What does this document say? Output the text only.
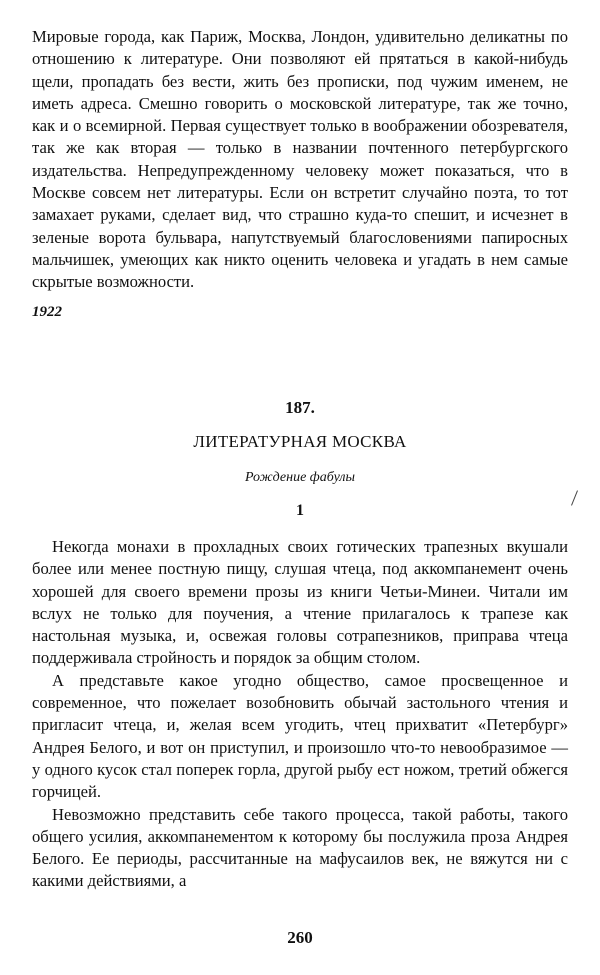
Мировые города, как Париж, Москва, Лондон, удивительно деликатны по отношению к литературе. Они позволяют ей прятаться в какой-нибудь щели, пропадать без вести, жить без прописки, под чужим именем, не иметь адреса. Смешно говорить о московской литературе, так же точно, как и о всемирной. Первая существует только в воображении обозревателя, так же как вторая — только в названии почтенного петербургского издательства. Непредупрежденному человеку может показаться, что в Москве совсем нет литературы. Если он встретит случайно поэта, то тот замахает руками, сделает вид, что страшно куда-то спешит, и исчезнет в зеленые ворота бульвара, напутствуемый благословениями папиросных мальчишек, умеющих как никто оценить человека и угадать в нем самые скрытые возможности.

1922

187.
ЛИТЕРАТУРНАЯ МОСКВА
Рождение фабулы
1

Некогда монахи в прохладных своих готических трапезных вкушали более или менее постную пищу, слушая чтеца, под аккомпанемент очень хорошей для своего времени прозы из книги Четьи-Минеи. Читали им вслух не только для поучения, а чтение прилагалось к трапезе как настольная музыка, и, освежая головы сотрапезников, приправа чтеца поддерживала стройность и порядок за общим столом.

А представьте какое угодно общество, самое просвещенное и современное, что пожелает возобновить обычай застольного чтения и пригласит чтеца, и, желая всем угодить, чтец прихватит «Петербург» Андрея Белого, и вот он приступил, и произошло что-то невообразимое — у одного кусок стал поперек горла, другой рыбу ест ножом, третий обжегся горчицей.

Невозможно представить себе такого процесса, такой работы, такого общего усилия, аккомпанементом к которому бы послужила проза Андрея Белого. Ее периоды, рассчитанные на мафусаилов век, не вяжутся ни с какими действиями, а

260
